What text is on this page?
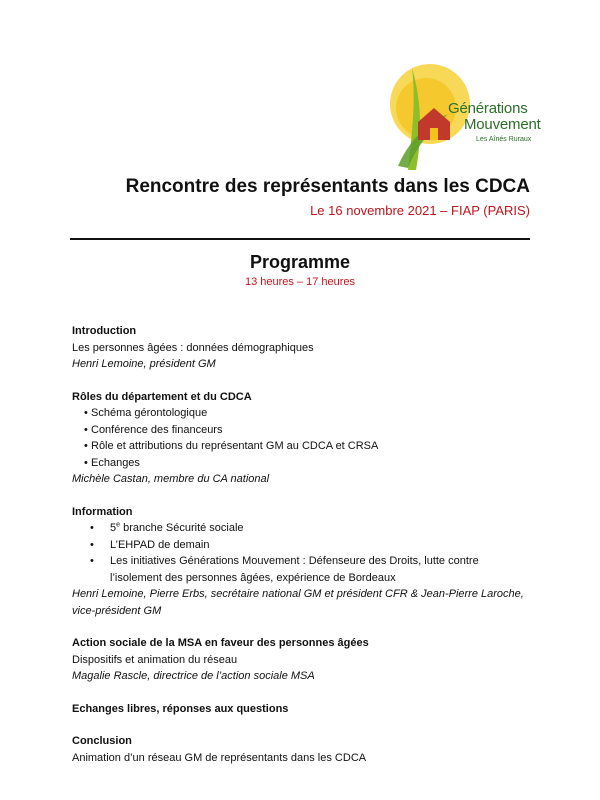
Générations
Mouvement
Les Aînés Ruraux
Rencontre des représentants dans les CDCA
Le 16 novembre 2021 – FIAP (PARIS)
Programme
13 heures – 17 heures
Introduction
Les personnes âgées : données démographiques
Henri Lemoine, président GM
Rôles du département et du CDCA
• Schéma gérontologique
• Conférence des financeurs
• Rôle et attributions du représentant GM au CDCA et CRSA
• Echanges
Michèle Castan, membre du CA national
Information
• 5e branche Sécurité sociale
• L’EHPAD de demain
• Les initiatives Générations Mouvement : Défenseure des Droits, lutte contre l’isolement des personnes âgées, expérience de Bordeaux
Henri Lemoine, Pierre Erbs, secrétaire national GM et président CFR & Jean-Pierre Laroche, vice-président GM
Action sociale de la MSA en faveur des personnes âgées
Dispositifs et animation du réseau
Magalie Rascle, directrice de l’action sociale MSA
Echanges libres, réponses aux questions
Conclusion
Animation d’un réseau GM de représentants dans les CDCA
